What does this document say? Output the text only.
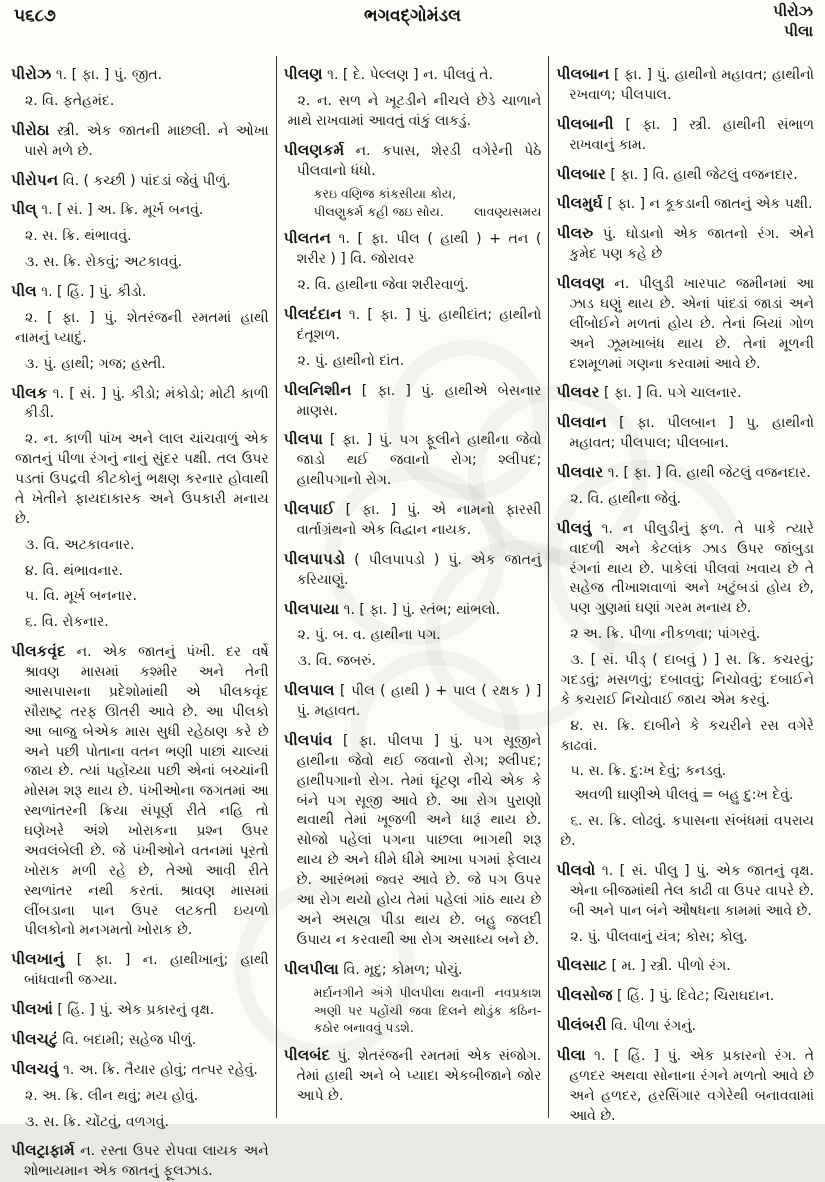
૫૬૮૭	ભગવદ્ગોમંડલ	પીરોઝ
પીલા

પીરોઝ ૧. [ ફા. ] પું. જીત.

૨. વિ. ફતેહમંદ.

પીરોઠા સ્ત્રી. એક જાતની માછલી. ને ઓખા પાસે મળે છે.

પીરોપન વિ. ( કચ્છી ) પાંદડાં જેવું પીળું.

પીલ્ ૧. [ સં. ] અ. ક્રિ. મૂર્ખ બનવું.

૨. સ. ક્રિ. થંભાવવું.

૩. સ. ક્રિ. રોકવું; અટકાવવું.

પીલ ૧. [ હિં. ] પું. કીડો.

૨. [ ફા. ] પું. શેતરંજની રમતમાં હાથી નામનું પ્યાદું.

૩. પું. હાથી; ગજ; હસ્તી.

પીલક ૧. [ સં. ] પું. કીડો; મંકોડો; મોટી કાળી કીડી.

૨. ન. કાળી પાંખ અને લાલ ચાંચવાળું એક જાતનું પીળા રંગનું નાનું સુંદર પક્ષી. તલ ઉપર પડતાં ઉપદ્રવી કીટકોનું ભક્ષણ કરનાર હોવાથી તે ખેતીને ફાયદાકારક અને ઉપકારી મનાય છે.

૩. વિ. અટકાવનાર.

૪. વિ. થંભાવનાર.

૫. વિ. મૂર્ખ બનનાર.

૬. વિ. રોકનાર.

પીલકવૃંદ ન. એક જાતનું પંખી. દર વર્ષે શ્રાવણ માસમાં કશ્મીર અને તેની આસપાસના પ્રદેશોમાંથી એ પીલકવૃંદ સૌરાષ્ટ્ર તરફ ઊતરી આવે છે. આ પીલકો આ બાજુ બેએક માસ સુધી રહેઠાણ કરે છે અને પછી પોતાના વતન ભણી પાછાં ચાલ્યાં જાય છે. ત્યાં પહોંચ્યા પછી એનાં બચ્ચાંની મોસમ શરૂ થાય છે. પંખીઓના જગતમાં આ સ્થળાંતરની ક્રિયા સંપૂર્ણ રીતે નહિ તો ઘણેખરે અંશે ખોરાકના પ્રશ્ન ઉપર અવલંબેલી છે. જે પંખીઓને વતનમાં પૂરતો ખોરાક મળી રહે છે, તેઓ આવી રીતે સ્થળાંતર નથી કરતાં. શ્રાવણ માસમાં લીંબડાના પાન ઉપર લટકતી ઇયળો પીલકોનો મનગમતો ખોરાક છે.

પીલખાનું [ ફા. ] ન. હાથીખાનું; હાથી બાંધવાની જગ્યા.

પીલખાં [ હિં. ] પું. એક પ્રકારનું વૃક્ષ.

પીલચટું વિ. બદામી; સહેજ પીળું.

પીલચવું ૧. અ. ક્રિ. તૈયાર હોવું; તત્પર રહેવું.

૨. અ. ક્રિ. લીન થવું; મય હોવું.

૩. સ. ક્રિ. ચોંટવું, વળગવું.

પીલટ્રાફાર્મ ન. રસ્તા ઉપર રોપવા લાયક અને શોભાયમાન એક જાતનું ફૂલઝાડ.

પીલણ ૧. [ દે. પેલ્લણ ] ન. પીલવું તે.

૨. ન. સળ ને ખૂટડીને નીચલે છેડે ચાળાને માથે રાખવામાં આવતું વાંકું લાકડું.

પીલણકર્મ ન. કપાસ, શેરડી વગેરેની પેઠે પીલવાનો ધંધો.

કરઇ વણિજ કાંકસીયા કોય,
લાવણ્યસમય
પીલણુકર્મ કહી જઇ સોય.

પીલતન ૧. [ ફા. પીલ ( હાથી ) + તન ( શરીર ) ] વિ. જોરાવર

૨. વિ. હાથીના જેવા શરીરવાળું.

પીલદંદાન ૧. [ ફા. ] પું. હાથીદાંત; હાથીનો દંતૂશળ.

૨. પું. હાથીનો દાંત.

પીલનિશીન [ ફા. ] પું. હાથીએ બેસનાર માણસ.

પીલપા [ ફા. ] પું. પગ ફૂલીને હાથીના જેવો જાડો થઈ જવાનો રોગ; શ્લીપદ; હાથીપગાનો રોગ.

પીલપાઈ [ ફા. ] પું. એ નામનો ફારસી વાર્તાગ્રંથનો એક વિદ્વાન નાયક.

પીલપાપડો ( પીલપાપડો ) પું. એક જાતનું કરિયાણું.

પીલપાયા ૧. [ ફા. ] પું. સ્તંભ; થાંભલો.

૨. પું. બ. વ. હાથીના પગ.

૩. વિ. જબરું.

પીલપાલ [ પીલ ( હાથી ) + પાલ ( રક્ષક ) ] પું. મહાવત.

પીલપાંવ [ ફા. પીલપા ] પું. પગ સૂજીને હાથીના જેવો થઈ જવાનો રોગ; શ્લીપદ; હાથીપગાનો રોગ. તેમાં ઘૂંટણ નીચે એક કે બંને પગ સૂજી આવે છે. આ રોગ પુરાણો થવાથી તેમાં ખૂજળી અને ધારૂં થાય છે. સોજો પહેલાં પગના પાછલા ભાગથી શરૂ થાય છે અને ધીમે ધીમે આખા પગમાં ફેલાય છે. આરંભમાં જ્વર આવે છે. જે પગ ઉપર આ રોગ થયો હોય તેમાં પહેલાં ગાંઠ થાય છે અને અસહ્ય પીડા થાય છે. બહુ જલદી ઉપાય ન કરવાથી આ રોગ અસાધ્ય બને છે.

પીલપીલા વિ. મૃદુ; કોમળ; પોચું.

નવપ્રકાશ
મર્દાનગીને અંગે પીલપીલા થવાની અણી પર પહોંચી જવા દિલને થોડુંક કઠિન-કઠોર બનાવવું પડશે.

પીલબંદ પું. શેતરંજની રમતમાં એક સંજોગ. તેમાં હાથી અને બે પ્યાદા એકબીજાને જોર આપે છે.

પીલબાન [ ફા. ] પું. હાથીનો મહાવત; હાથીનો રખવાળ; પીલપાલ.

પીલબાની [ ફા. ] સ્ત્રી. હાથીની સંભાળ રાખવાનું કામ.

પીલબાર [ ફા. ] વિ. હાથી જેટલું વજનદાર.

પીલમુર્ઘ [ ફા. ] ન કૂકડાની જાતનું એક પક્ષી.

પીલરુ પું. ઘોડાનો એક જાતનો રંગ. એને કુમેદ પણ કહે છે

પીલવણ ન. પીલુડી ખારપાટ જમીનમાં આ ઝાડ ઘણું થાય છે. એનાં પાંદડાં જાડાં અને લીંબોઈને મળતાં હોય છે. તેનાં બિયાં ગોળ અને ઝૂમખાબંધ થાય છે. તેનાં મૂળની દશમૂળમાં ગણના કરવામાં આવે છે.

પીલવર [ ફા. ] વિ. પગે ચાલનાર.

પીલવાન [ ફા. પીલબાન ] પુ. હાથીનો મહાવત; પીલપાલ; પીલબાન.

પીલવાર ૧. [ ફા. ] વિ. હાથી જેટલું વજનદાર.

૨. વિ. હાથીના જેવું.

પીલવું ૧. ન પીલુડીનું ફળ. તે પાકે ત્યારે વાદળી અને કેટલાંક ઝાડ ઉપર જાંબુડા રંગનાં થાય છે. પાકેલાં પીલવાં ખવાય છે તે સહેજ તીખાશવાળાં અને ખટુંબડાં હોય છે, પણ ગુણમાં ઘણાં ગરમ મનાય છે.

૨ અ. ક્રિ. પીળા નીકળવા; પાંગરવું.

૩. [ સં. પીડ્ ( દાબવું ) ] સ. ક્રિ. કચરવું; ગદડવું; મસળવું; દબાવવું; નિચોવવું; દબાઈને કે કચરાઈ નિચોવાઈ જાય એમ કરવું.

૪. સ. ક્રિ. દાબીને કે કચરીને રસ વગેરે કાઢવાં.

૫. સ. ક્રિ. દુ:ખ દેવું; કનડવું.

અવળી ઘાણીએ પીલવું = બહુ દુ:ખ દેવું.

૬. સ. ક્રિ. લોઢવું. કપાસના સંબંધમાં વપરાય છે.

પીલવો ૧. [ સં. પીલુ ] પું. એક જાતનું વૃક્ષ. એના બીજમાંથી તેલ કાઢી વા ઉપર વાપરે છે. બી અને પાન બંને ઔષધના કામમાં આવે છે.

૨. પું. પીલવાનું યંત્ર; કોસ; કોલુ.

પીલસાટ [ મ. ] સ્ત્રી. પીળો રંગ.

પીલસોજ [ હિં. ] પું. દિવેટ; ચિરાઘદાન.

પીલંબરી વિ. પીળા રંગનું.

પીલા ૧. [ હિં. ] પું. એક પ્રકારનો રંગ. તે હળદર અથવા સોનાના રંગને મળતો આવે છે અને હળદર, હરસિંગાર વગેરેથી બનાવવામાં આવે છે.
